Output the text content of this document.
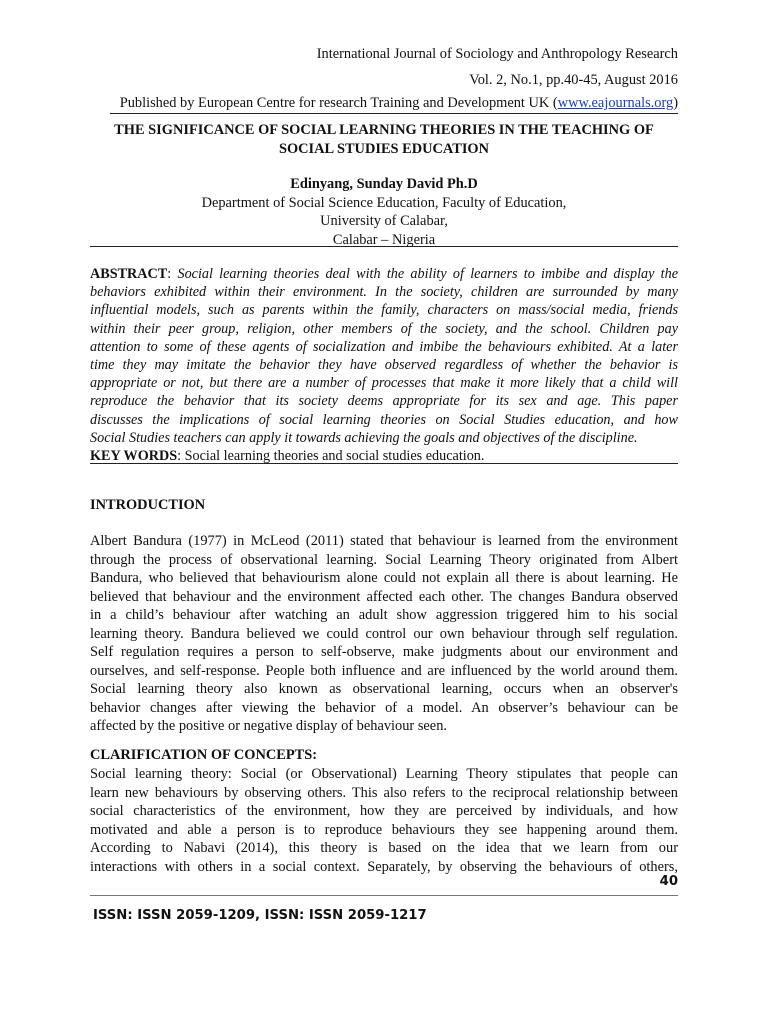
International Journal of Sociology and Anthropology Research
Vol. 2, No.1, pp.40-45, August 2016
Published by European Centre for research Training and Development UK (www.eajournals.org)
THE SIGNIFICANCE OF SOCIAL LEARNING THEORIES IN THE TEACHING OF
SOCIAL STUDIES EDUCATION
Edinyang, Sunday David Ph.D
Department of Social Science Education, Faculty of Education,
University of Calabar,
Calabar – Nigeria
ABSTRACT: Social learning theories deal with the ability of learners to imbibe and display the
behaviors exhibited within their environment. In the society, children are surrounded by many
influential models, such as parents within the family, characters on mass/social media, friends
within their peer group, religion, other members of the society, and the school. Children pay
attention to some of these agents of socialization and imbibe the behaviours exhibited. At a later
time they may imitate the behavior they have observed regardless of whether the behavior is
appropriate or not, but there are a number of processes that make it more likely that a child will
reproduce the behavior that its society deems appropriate for its sex and age. This paper
discusses the implications of social learning theories on Social Studies education, and how
Social Studies teachers can apply it towards achieving the goals and objectives of the discipline.
KEY WORDS: Social learning theories and social studies education.
INTRODUCTION
Albert Bandura (1977) in McLeod (2011) stated that behaviour is learned from the environment
through the process of observational learning. Social Learning Theory originated from Albert
Bandura, who believed that behaviourism alone could not explain all there is about learning. He
believed that behaviour and the environment affected each other. The changes Bandura observed
in a child’s behaviour after watching an adult show aggression triggered him to his social
learning theory. Bandura believed we could control our own behaviour through self regulation.
Self regulation requires a person to self-observe, make judgments about our environment and
ourselves, and self-response. People both influence and are influenced by the world around them.
Social learning theory also known as observational learning, occurs when an observer's
behavior changes after viewing the behavior of a model. An observer’s behaviour can be
affected by the positive or negative display of behaviour seen.
CLARIFICATION OF CONCEPTS:
Social learning theory: Social (or Observational) Learning Theory stipulates that people can
learn new behaviours by observing others. This also refers to the reciprocal relationship between
social characteristics of the environment, how they are perceived by individuals, and how
motivated and able a person is to reproduce behaviours they see happening around them.
According to Nabavi (2014), this theory is based on the idea that we learn from our
interactions with others in a social context. Separately, by observing the behaviours of others,
40
ISSN: ISSN 2059-1209, ISSN: ISSN 2059-1217
